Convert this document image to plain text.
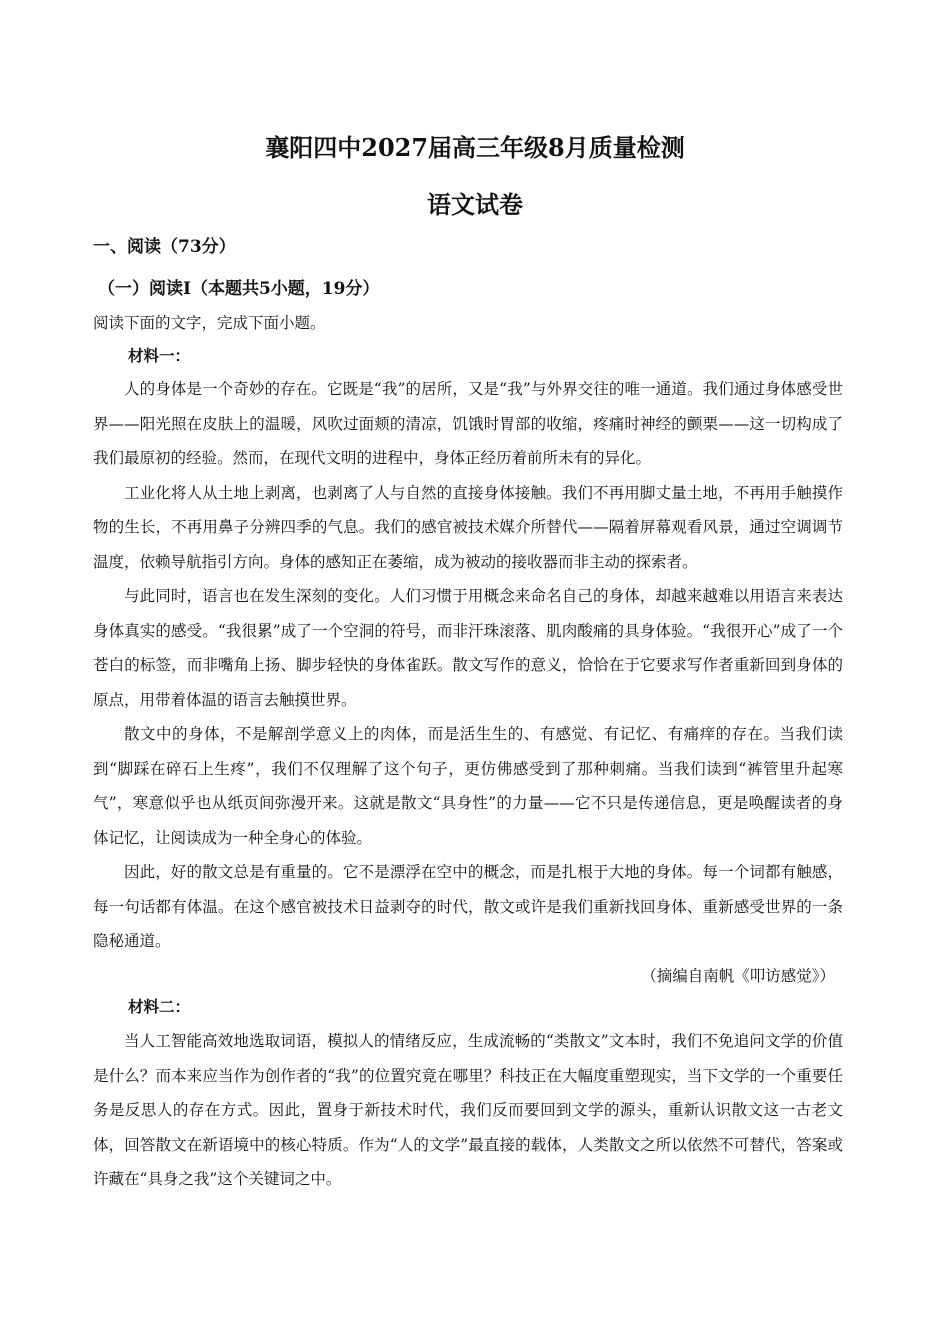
襄阳四中2027届高三年级8月质量检测
语文试卷
一、阅读（73分）
（一）阅读I（本题共5小题，19分）
阅读下面的文字，完成下面小题。
材料一：

人的身体是一个奇妙的存在。它既是“我”的居所，又是“我”与外界交往的唯一通道。我们通过身体感受世界——阳光照在皮肤上的温暖，风吹过面颊的清凉，饥饿时胃部的收缩，疼痛时神经的颤栗——这一切构成了我们最原初的经验。然而，在现代文明的进程中，身体正经历着前所未有的异化。

工业化将人从土地上剥离，也剥离了人与自然的直接身体接触。我们不再用脚丈量土地，不再用手触摸作物的生长，不再用鼻子分辨四季的气息。我们的感官被技术媒介所替代——隔着屏幕观看风景，通过空调调节温度，依赖导航指引方向。身体的感知正在萎缩，成为被动的接收器而非主动的探索者。

与此同时，语言也在发生深刻的变化。人们习惯于用概念来命名自己的身体，却越来越难以用语言来表达身体真实的感受。“我很累”成了一个空洞的符号，而非汗珠滚落、肌肉酸痛的具身体验。“我很开心”成了一个苍白的标签，而非嘴角上扬、脚步轻快的身体雀跃。散文写作的意义，恰恰在于它要求写作者重新回到身体的原点，用带着体温的语言去触摸世界。

散文中的身体，不是解剖学意义上的肉体，而是活生生的、有感觉、有记忆、有痛痒的存在。当我们读到“脚踩在碎石上生疼”，我们不仅理解了这个句子，更仿佛感受到了那种刺痛。当我们读到“裤管里升起寒气”，寒意似乎也从纸页间弥漫开来。这就是散文“具身性”的力量——它不只是传递信息，更是唤醒读者的身体记忆，让阅读成为一种全身心的体验。

因此，好的散文总是有重量的。它不是漂浮在空中的概念，而是扎根于大地的身体。每一个词都有触感，每一句话都有体温。在这个感官被技术日益剥夺的时代，散文或许是我们重新找回身体、重新感受世界的一条隐秘通道。

（摘编自南帆《叩访感觉》）

材料二：

当人工智能高效地选取词语，模拟人的情绪反应，生成流畅的“类散文”文本时，我们不免追问文学的价值是什么？而本来应当作为创作者的“我”的位置究竟在哪里？科技正在大幅度重塑现实，当下文学的一个重要任务是反思人的存在方式。因此，置身于新技术时代，我们反而要回到文学的源头，重新认识散文这一古老文体，回答散文在新语境中的核心特质。作为“人的文学”最直接的载体，人类散文之所以依然不可替代，答案或许藏在“具身之我”这个关键词之中。
